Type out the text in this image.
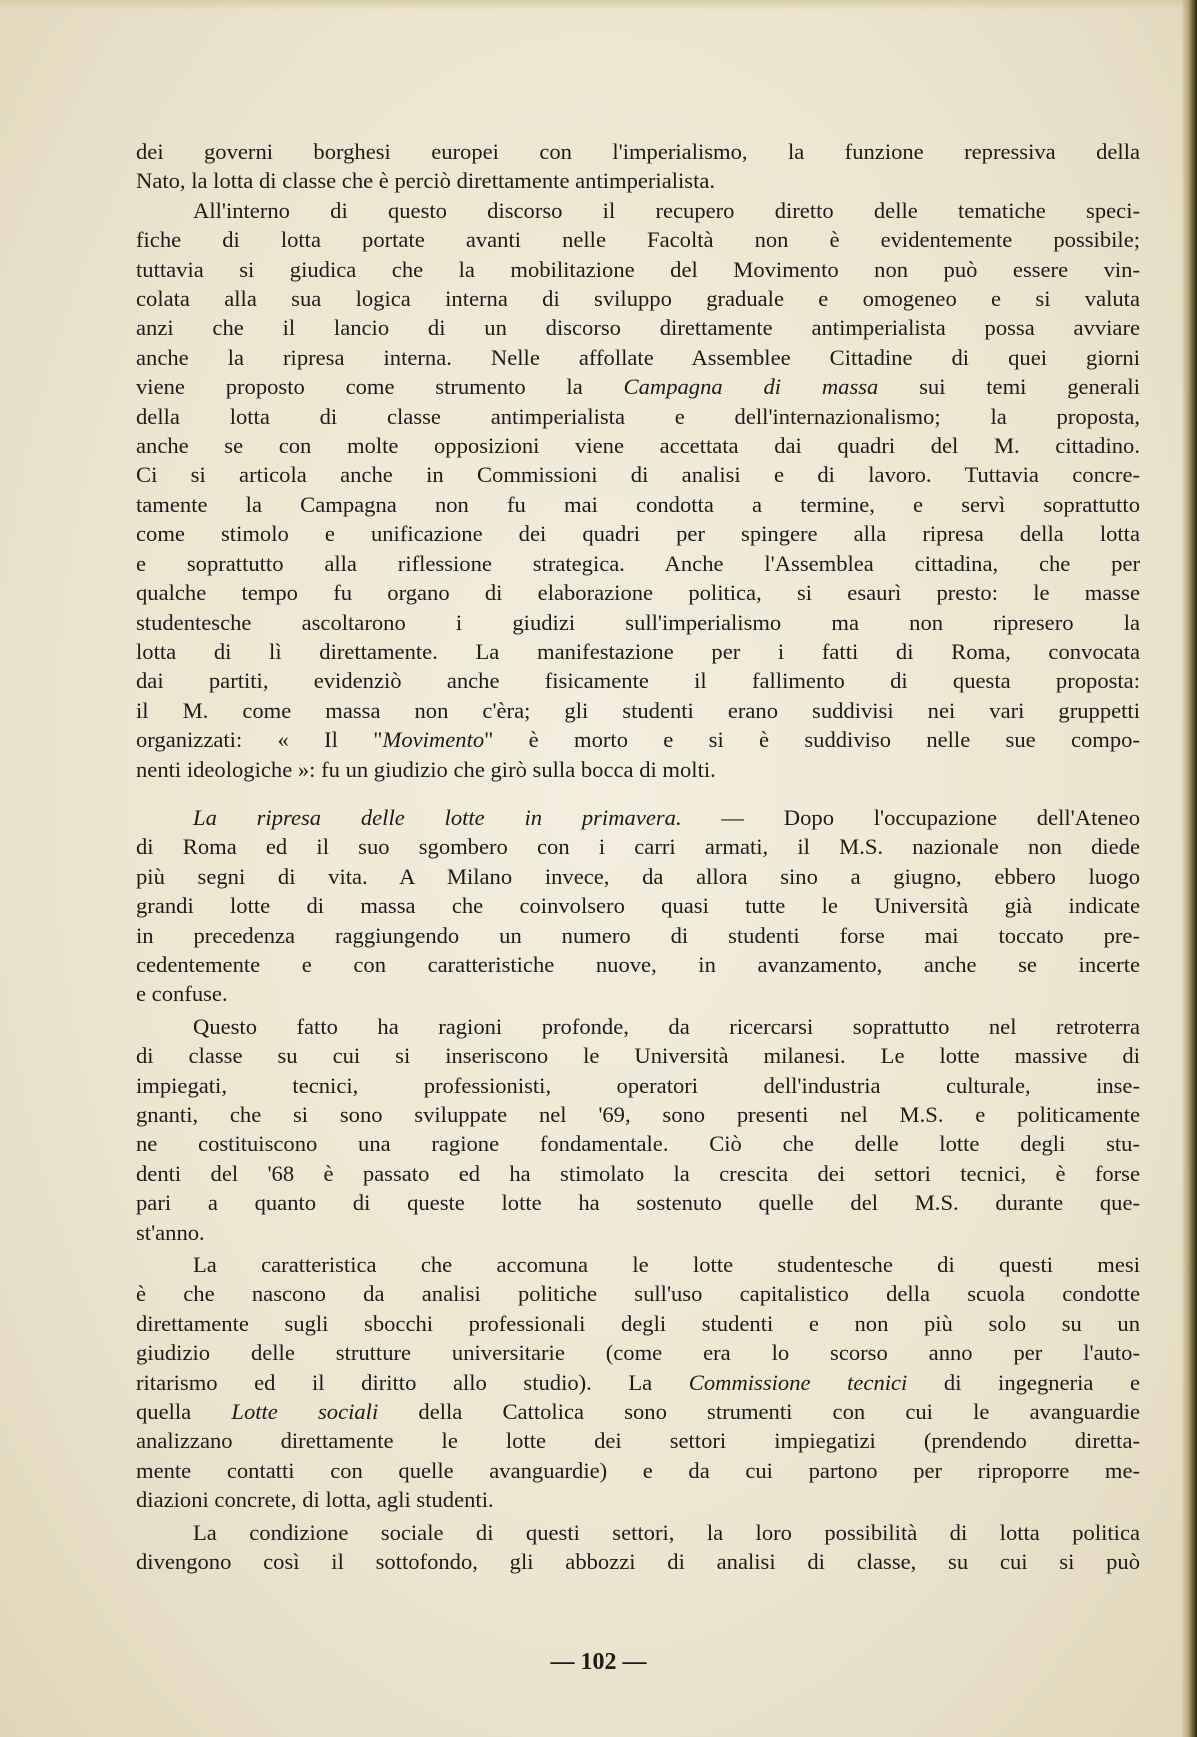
dei governi borghesi europei con l'imperialismo, la funzione repressiva della
Nato, la lotta di classe che è perciò direttamente antimperialista.
All'interno di questo discorso il recupero diretto delle tematiche speci-
fiche di lotta portate avanti nelle Facoltà non è evidentemente possibile;
tuttavia si giudica che la mobilitazione del Movimento non può essere vin-
colata alla sua logica interna di sviluppo graduale e omogeneo e si valuta
anzi che il lancio di un discorso direttamente antimperialista possa avviare
anche la ripresa interna. Nelle affollate Assemblee Cittadine di quei giorni
viene proposto come strumento la Campagna di massa sui temi generali
della lotta di classe antimperialista e dell'internazionalismo; la proposta,
anche se con molte opposizioni viene accettata dai quadri del M. cittadino.
Ci si articola anche in Commissioni di analisi e di lavoro. Tuttavia concre-
tamente la Campagna non fu mai condotta a termine, e servì soprattutto
come stimolo e unificazione dei quadri per spingere alla ripresa della lotta
e soprattutto alla riflessione strategica. Anche l'Assemblea cittadina, che per
qualche tempo fu organo di elaborazione politica, si esaurì presto: le masse
studentesche ascoltarono i giudizi sull'imperialismo ma non ripresero la
lotta di lì direttamente. La manifestazione per i fatti di Roma, convocata
dai partiti, evidenziò anche fisicamente il fallimento di questa proposta:
il M. come massa non c'èra; gli studenti erano suddivisi nei vari gruppetti
organizzati: « Il "Movimento" è morto e si è suddiviso nelle sue compo-
nenti ideologiche »: fu un giudizio che girò sulla bocca di molti.
La ripresa delle lotte in primavera. — Dopo l'occupazione dell'Ateneo
di Roma ed il suo sgombero con i carri armati, il M.S. nazionale non diede
più segni di vita. A Milano invece, da allora sino a giugno, ebbero luogo
grandi lotte di massa che coinvolsero quasi tutte le Università già indicate
in precedenza raggiungendo un numero di studenti forse mai toccato pre-
cedentemente e con caratteristiche nuove, in avanzamento, anche se incerte
e confuse.
Questo fatto ha ragioni profonde, da ricercarsi soprattutto nel retroterra
di classe su cui si inseriscono le Università milanesi. Le lotte massive di
impiegati, tecnici, professionisti, operatori dell'industria culturale, inse-
gnanti, che si sono sviluppate nel '69, sono presenti nel M.S. e politicamente
ne costituiscono una ragione fondamentale. Ciò che delle lotte degli stu-
denti del '68 è passato ed ha stimolato la crescita dei settori tecnici, è forse
pari a quanto di queste lotte ha sostenuto quelle del M.S. durante que-
st'anno.
La caratteristica che accomuna le lotte studentesche di questi mesi
è che nascono da analisi politiche sull'uso capitalistico della scuola condotte
direttamente sugli sbocchi professionali degli studenti e non più solo su un
giudizio delle strutture universitarie (come era lo scorso anno per l'auto-
ritarismo ed il diritto allo studio). La Commissione tecnici di ingegneria e
quella Lotte sociali della Cattolica sono strumenti con cui le avanguardie
analizzano direttamente le lotte dei settori impiegatizi (prendendo diretta-
mente contatti con quelle avanguardie) e da cui partono per riproporre me-
diazioni concrete, di lotta, agli studenti.
La condizione sociale di questi settori, la loro possibilità di lotta politica
divengono così il sottofondo, gli abbozzi di analisi di classe, su cui si può
— 102 —
